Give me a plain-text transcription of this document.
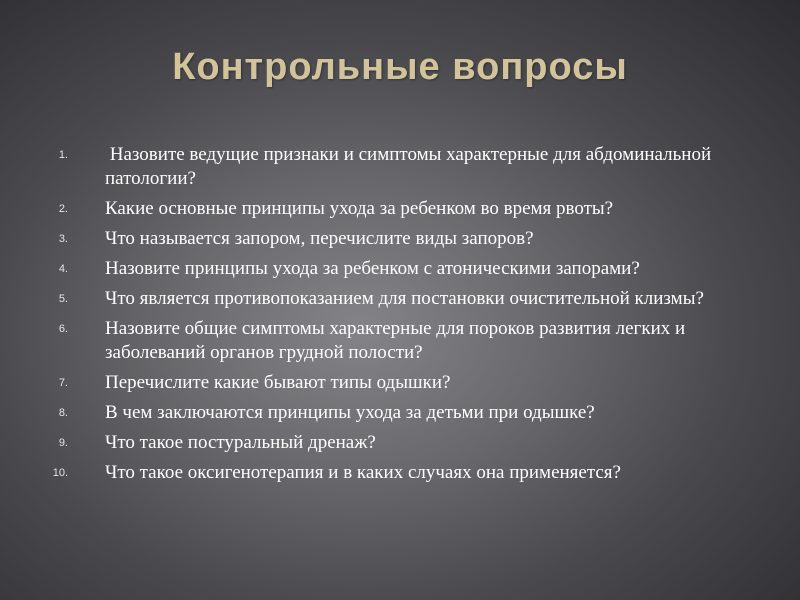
Контрольные вопросы
1. Назовите ведущие признаки и симптомы характерные для абдоминальной патологии?
2. Какие основные принципы ухода за ребенком во время рвоты?
3. Что называется запором, перечислите виды запоров?
4. Назовите принципы ухода за ребенком с атоническими запорами?
5. Что является противопоказанием для постановки очистительной клизмы?
6. Назовите общие симптомы характерные для пороков развития легких и заболеваний органов грудной полости?
7. Перечислите какие бывают типы одышки?
8. В чем заключаются принципы ухода за детьми при одышке?
9. Что такое постуральный дренаж?
10. Что такое оксигенотерапия и в каких случаях она применяется?
